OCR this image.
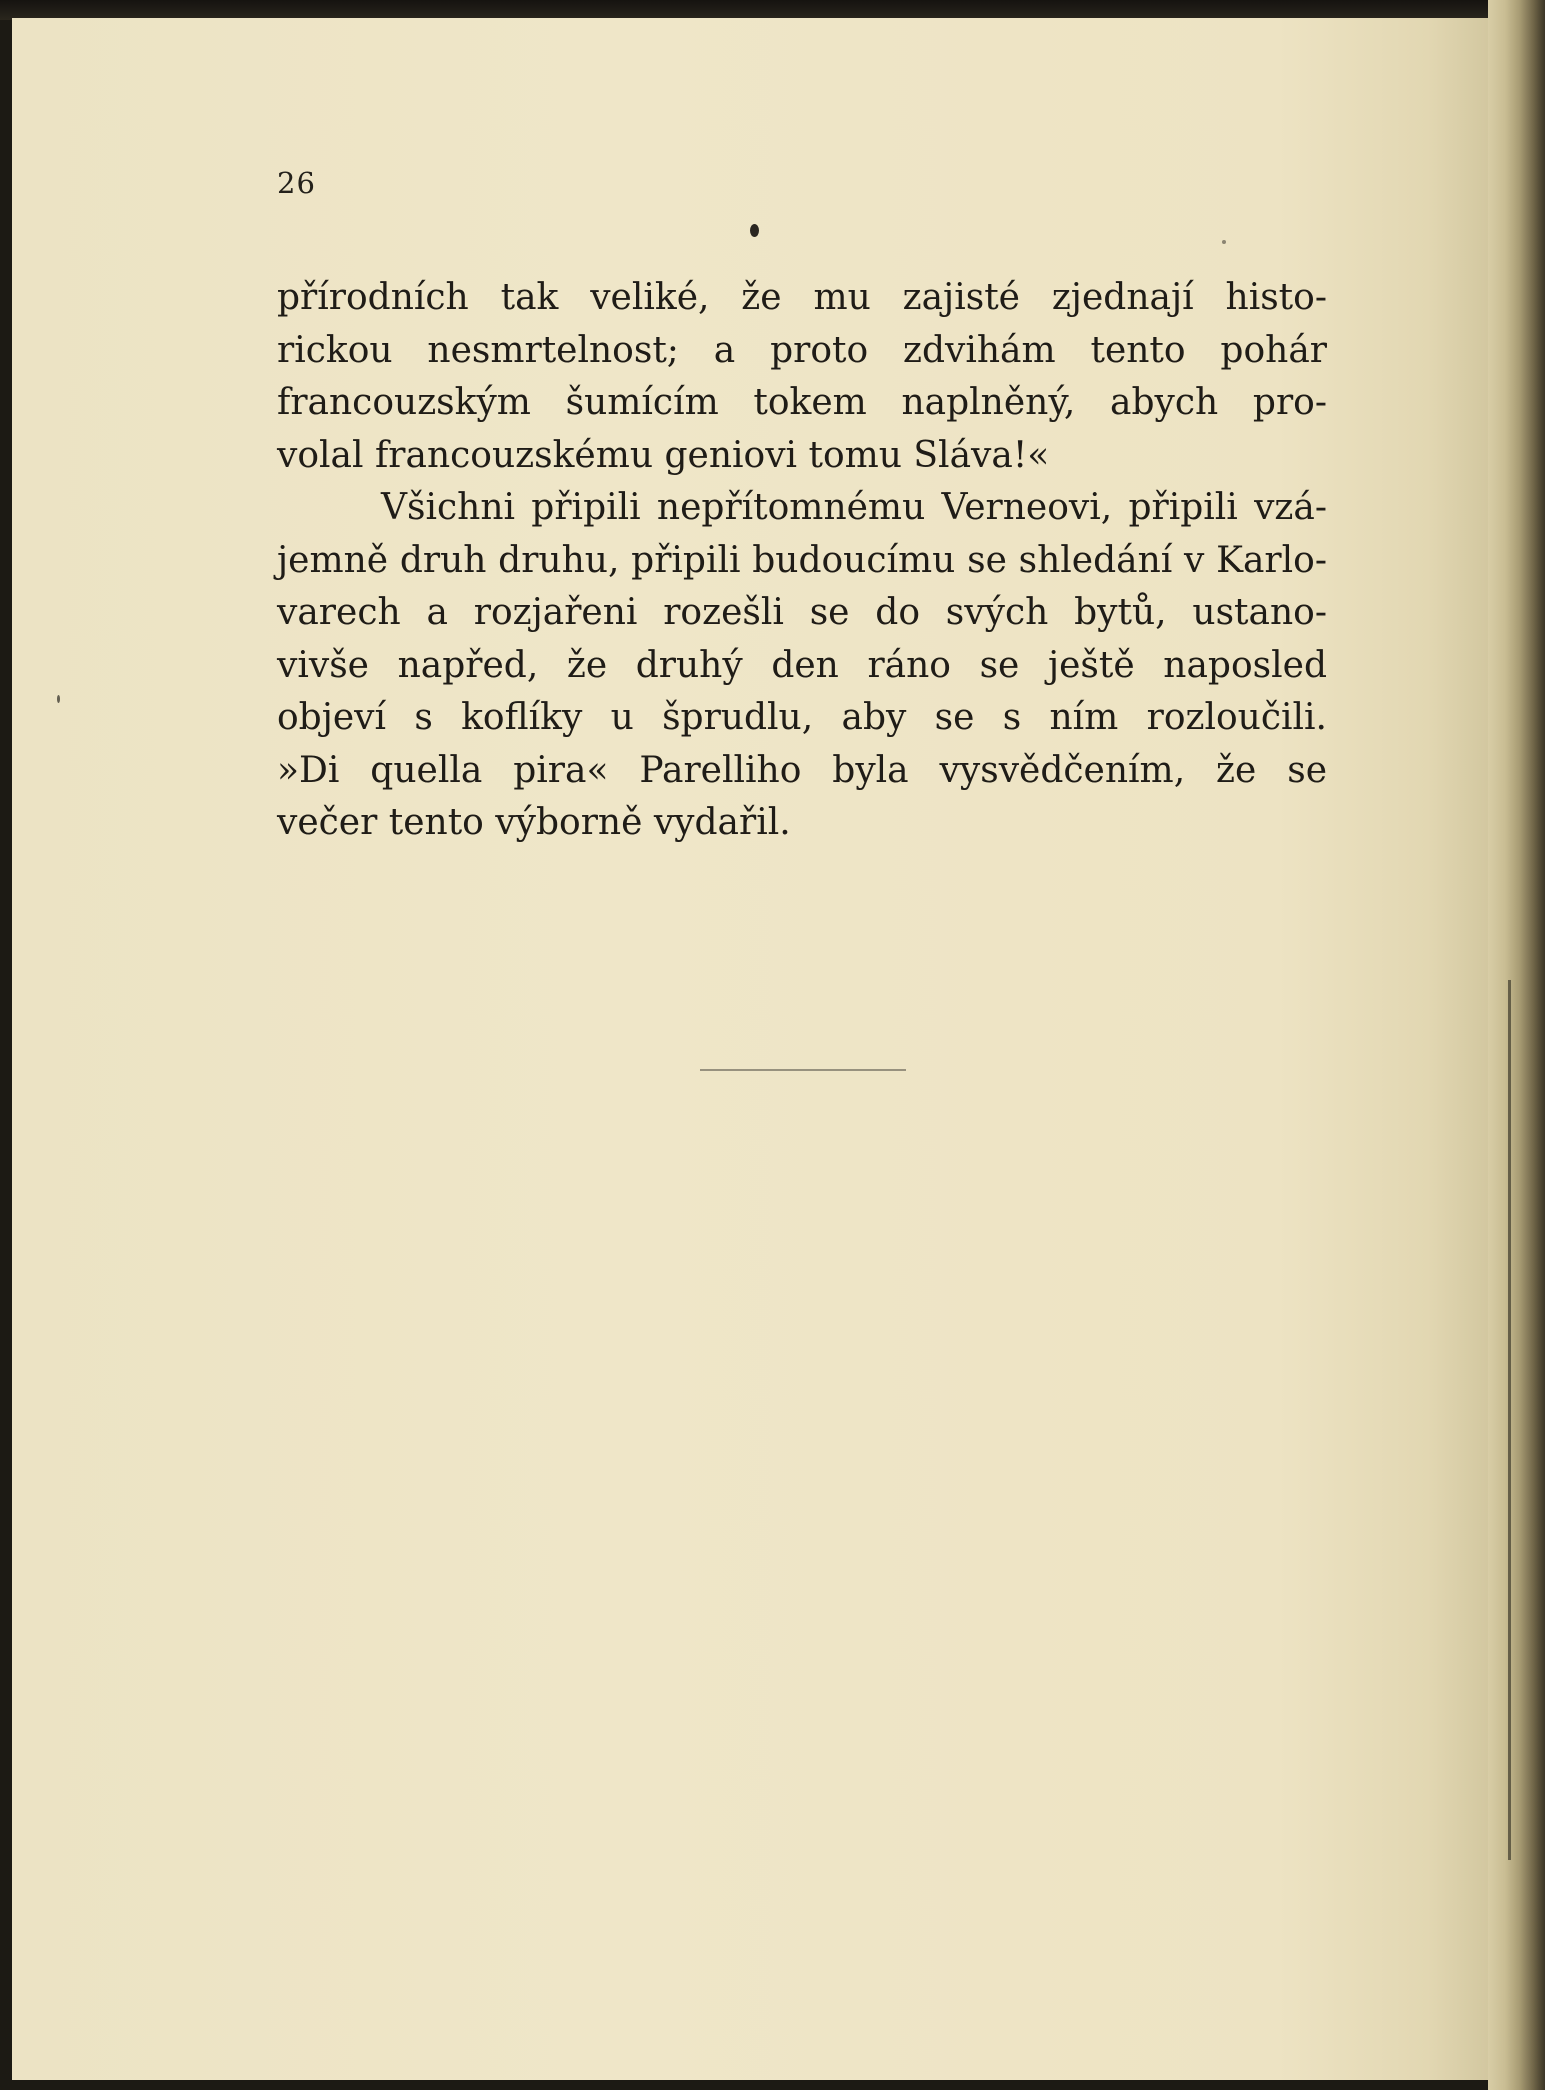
26
přírodních tak veliké, že mu zajisté zjednají histo-
rickou nesmrtelnost; a proto zdvihám tento pohár
francouzským šumícím tokem naplněný, abych pro-
volal francouzskému geniovi tomu Sláva!«
Všichni připili nepřítomnému Verneovi, připili vzá-
jemně druh druhu, připili budoucímu se shledání v Karlo-
varech a rozjařeni rozešli se do svých bytů, ustano-
vivše napřed, že druhý den ráno se ještě naposled
objeví s koflíky u šprudlu, aby se s ním rozloučili.
»Di quella pira« Parelliho byla vysvědčením, že se
večer tento výborně vydařil.
